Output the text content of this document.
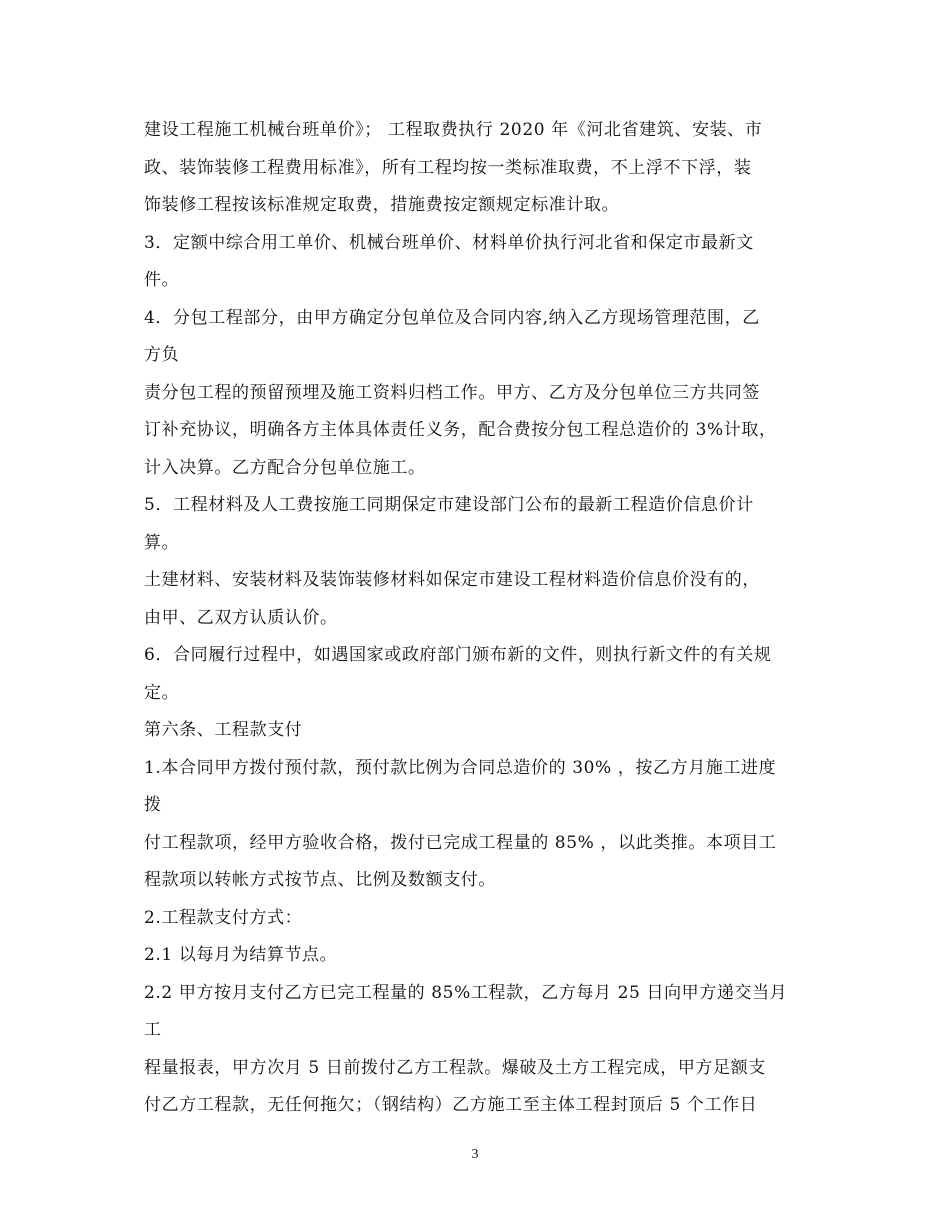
建设工程施工机械台班单价》； 工程取费执行 2020 年《河北省建筑、安装、市
政、装饰装修工程费用标准》，所有工程均按一类标准取费，不上浮不下浮，装
饰装修工程按该标准规定取费，措施费按定额规定标准计取。
3．定额中综合用工单价、机械台班单价、材料单价执行河北省和保定市最新文
件。
4．分包工程部分，由甲方确定分包单位及合同内容,纳入乙方现场管理范围，乙
方负
责分包工程的预留预埋及施工资料归档工作。甲方、乙方及分包单位三方共同签
订补充协议，明确各方主体具体责任义务，配合费按分包工程总造价的 3%计取，
计入决算。乙方配合分包单位施工。
5．工程材料及人工费按施工同期保定市建设部门公布的最新工程造价信息价计
算。
土建材料、安装材料及装饰装修材料如保定市建设工程材料造价信息价没有的，
由甲、乙双方认质认价。
6．合同履行过程中，如遇国家或政府部门颁布新的文件，则执行新文件的有关规
定。
第六条、工程款支付
1.本合同甲方拨付预付款，预付款比例为合同总造价的 30% ，按乙方月施工进度
拨
付工程款项，经甲方验收合格，拨付已完成工程量的 85% ，以此类推。本项目工
程款项以转帐方式按节点、比例及数额支付。
2.工程款支付方式：
2.1 以每月为结算节点。
2.2 甲方按月支付乙方已完工程量的 85%工程款，乙方每月 25 日向甲方递交当月
工
程量报表，甲方次月 5 日前拨付乙方工程款。爆破及土方工程完成，甲方足额支
付乙方工程款，无任何拖欠；（钢结构）乙方施工至主体工程封顶后 5 个工作日
3
